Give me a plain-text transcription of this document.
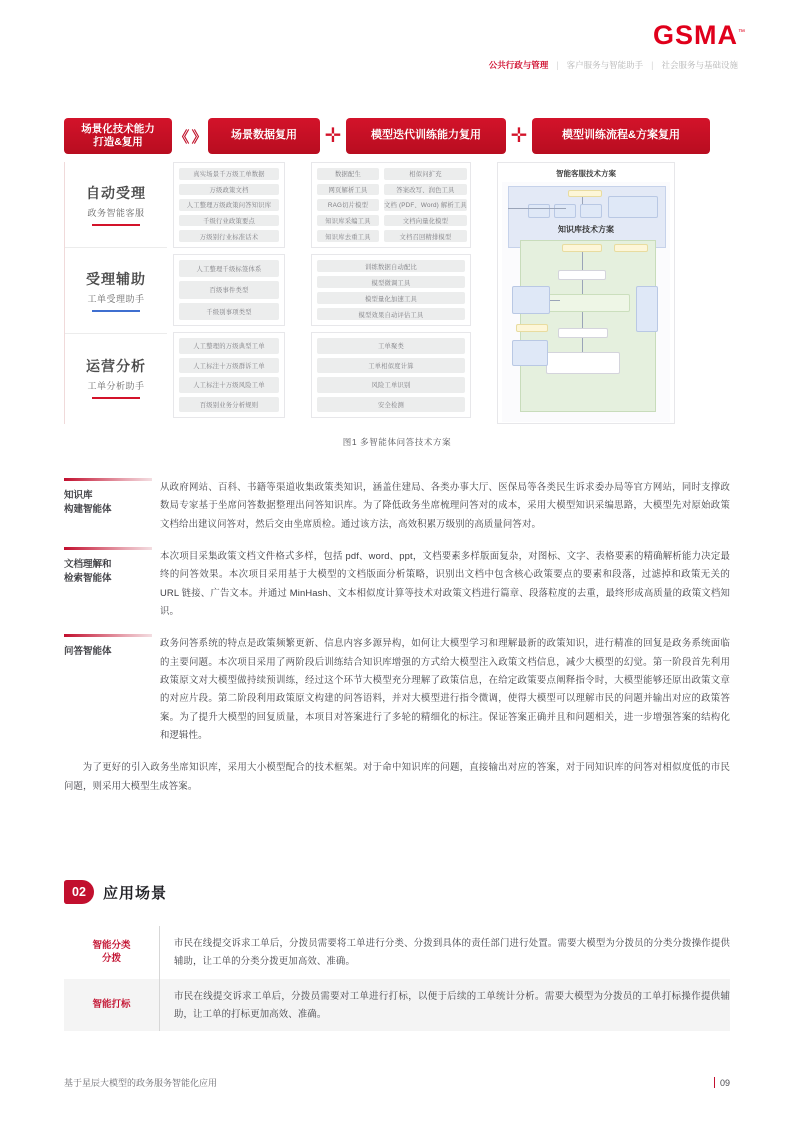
GSMA™
公共行政与管理 | 客户服务与智能助手 | 社会服务与基础设施
场景化技术能力
打造&复用 《 》	场景数据复用	✛	模型迭代训练能力复用	✛	模型训练流程&方案复用
自动受理
政务智能客服
受理辅助
工单受理助手
运营分析
工单分析助手
真实场景千万级工单数据
万级政策文档
人工整理万级政策问答知识库
千级行业政策要点
万级别行业标准话术
人工整理千级标签体系
百级事件类型
千级别事项类型
人工整理的万级典型工单
人工标注十万级群诉工单
人工标注十万级风险工单
百级别业务分析规则
数据配生
网页解析工具
RAG切片模型
知识库采编工具
知识库去重工具
相似问扩充
答案改写、润色工具
文档 (PDF、Word) 解析工具
文档向量化模型
文档召回精排模型
训练数据自动配比
模型微调工具
模型量化加速工具
模型效果自动评估工具
工单聚类
工单相似度计算
风险工单识别
安全检测
智能客服技术方案
知识库技术方案
图1 多智能体问答技术方案
知识库
构建智能体
从政府网站、百科、书籍等渠道收集政策类知识，涵盖住建局、各类办事大厅、医保局等各类民生诉求委办局等官方网站，同时支撑政数局专家基于坐席问答数据整理出问答知识库。为了降低政务坐席梳理问答对的成本，采用大模型知识采编思路，大模型先对原始政策文档给出建议问答对，然后交由坐席质检。通过该方法，高效积累万级别的高质量问答对。
文档理解和
检索智能体
本次项目采集政策文档文件格式多样，包括 pdf、word、ppt，文档要素多样版面复杂，对图标、文字、表格要素的精确解析能力决定最终的问答效果。本次项目采用基于大模型的文档版面分析策略，识别出文档中包含核心政策要点的要素和段落，过滤掉和政策无关的 URL 链接、广告文本。并通过 MinHash、文本相似度计算等技术对政策文档进行篇章、段落粒度的去重，最终形成高质量的政策文档知识。
问答智能体
政务问答系统的特点是政策频繁更新、信息内容多源异构，如何让大模型学习和理解最新的政策知识，进行精准的回复是政务系统面临的主要问题。本次项目采用了两阶段后训练结合知识库增强的方式给大模型注入政策文档信息，减少大模型的幻觉。第一阶段首先利用政策原文对大模型做持续预训练，经过这个环节大模型充分理解了政策信息，在给定政策要点阐释指令时，大模型能够还原出政策文章的对应片段。第二阶段利用政策原文构建的问答语料，并对大模型进行指令微调，使得大模型可以理解市民的问题并输出对应的政策答案。为了提升大模型的回复质量，本项目对答案进行了多轮的精细化的标注。保证答案正确并且和问题相关，进一步增强答案的结构化和逻辑性。
为了更好的引入政务坐席知识库，采用大小模型配合的技术框架。对于命中知识库的问题，直接输出对应的答案，对于同知识库的问答对相似度低的市民问题，则采用大模型生成答案。
02	应用场景
智能分类
分拨
市民在线提交诉求工单后，分拨员需要将工单进行分类、分拨到具体的责任部门进行处置。需要大模型为分拨员的分类分拨操作提供辅助，让工单的分类分拨更加高效、准确。
智能打标
市民在线提交诉求工单后，分拨员需要对工单进行打标，以便于后续的工单统计分析。需要大模型为分拨员的工单打标操作提供辅助，让工单的打标更加高效、准确。
基于星辰大模型的政务服务智能化应用	09
